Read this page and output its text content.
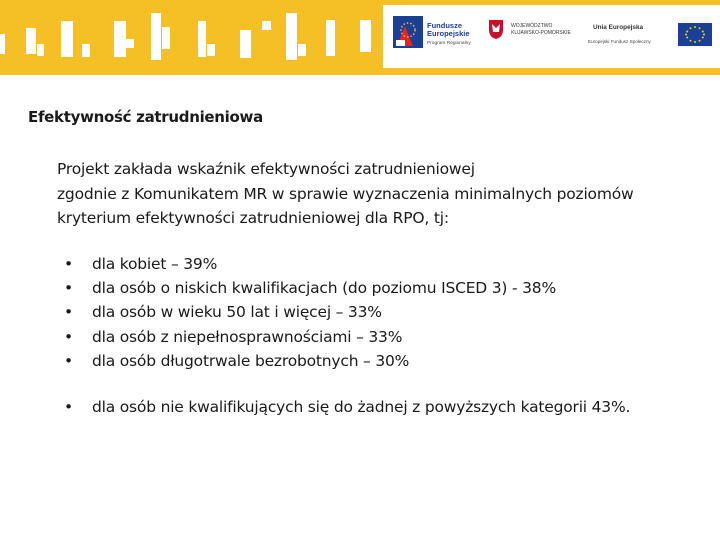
Fundusze
Europejskie
Program Regionalny
WOJEWÓDZTWO
KUJAWSKO-POMORSKIE
Unia Europejska
Europejski Fundusz Społeczny
Efektywność zatrudnieniowa
Projekt zakłada wskaźnik efektywności zatrudnieniowej
zgodnie z Komunikatem MR w sprawie wyznaczenia minimalnych poziomów
kryterium efektywności zatrudnieniowej dla RPO, tj:
• dla kobiet – 39%
• dla osób o niskich kwalifikacjach (do poziomu ISCED 3) - 38%
• dla osób w wieku 50 lat i więcej – 33%
• dla osób z niepełnosprawnościami – 33%
• dla osób długotrwale bezrobotnych – 30%
• dla osób nie kwalifikujących się do żadnej z powyższych kategorii 43%.
